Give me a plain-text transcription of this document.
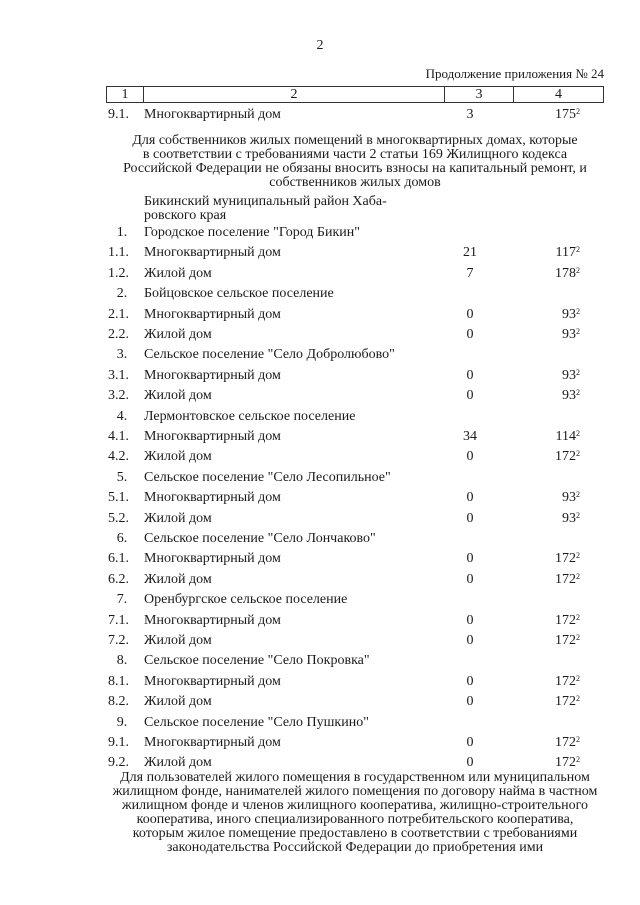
2
Продолжение приложения № 24
1	2	3	4
9.1.	Многоквартирный дом	3	$175^2$
Для собственников жилых помещений в многоквартирных домах, которые
в соответствии с требованиями части 2 статьи 169 Жилищного кодекса
Российской Федерации не обязаны вносить взносы на капитальный ремонт, и
собственников жилых домов
Бикинский муниципальный район Хаба-
ровского края
1.	Городское поселение "Город Бикин"
1.1.	Многоквартирный дом	21	$117^2$
1.2.	Жилой дом	7	$178^2$
2.	Бойцовское сельское поселение
2.1.	Многоквартирный дом	0	$93^2$
2.2.	Жилой дом	0	$93^2$
3.	Сельское поселение "Село Добролюбово"
3.1.	Многоквартирный дом	0	$93^2$
3.2.	Жилой дом	0	$93^2$
4.	Лермонтовское сельское поселение
4.1.	Многоквартирный дом	34	$114^2$
4.2.	Жилой дом	0	$172^2$
5.	Сельское поселение "Село Лесопильное"
5.1.	Многоквартирный дом	0	$93^2$
5.2.	Жилой дом	0	$93^2$
6.	Сельское поселение "Село Лончаково"
6.1.	Многоквартирный дом	0	$172^2$
6.2.	Жилой дом	0	$172^2$
7.	Оренбургское сельское поселение
7.1.	Многоквартирный дом	0	$172^2$
7.2.	Жилой дом	0	$172^2$
8.	Сельское поселение "Село Покровка"
8.1.	Многоквартирный дом	0	$172^2$
8.2.	Жилой дом	0	$172^2$
9.	Сельское поселение "Село Пушкино"
9.1.	Многоквартирный дом	0	$172^2$
9.2.	Жилой дом	0	$172^2$
Для пользователей жилого помещения в государственном или муниципальном
жилищном фонде, нанимателей жилого помещения по договору найма в частном
жилищном фонде и членов жилищного кооператива, жилищно-строительного
кооператива, иного специализированного потребительского кооператива,
которым жилое помещение предоставлено в соответствии с требованиями
законодательства Российской Федерации до приобретения ими
